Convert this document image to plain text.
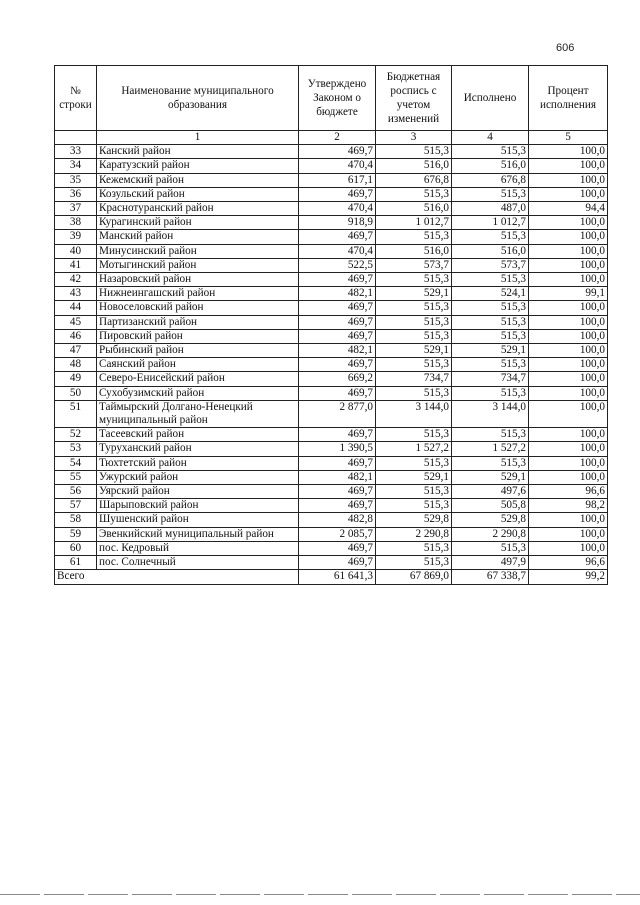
606
№ строки	Наименование муниципального образования	Утверждено Законом о бюджете	Бюджетная роспись с учетом изменений	Исполнено	Процент исполнения
	1	2	3	4	5
33	Канский район	469,7	515,3	515,3	100,0
34	Каратузский район	470,4	516,0	516,0	100,0
35	Кежемский район	617,1	676,8	676,8	100,0
36	Козульский район	469,7	515,3	515,3	100,0
37	Краснотуранский район	470,4	516,0	487,0	94,4
38	Курагинский район	918,9	1 012,7	1 012,7	100,0
39	Манский район	469,7	515,3	515,3	100,0
40	Минусинский район	470,4	516,0	516,0	100,0
41	Мотыгинский район	522,5	573,7	573,7	100,0
42	Назаровский район	469,7	515,3	515,3	100,0
43	Нижнеингашский район	482,1	529,1	524,1	99,1
44	Новоселовский район	469,7	515,3	515,3	100,0
45	Партизанский район	469,7	515,3	515,3	100,0
46	Пировский район	469,7	515,3	515,3	100,0
47	Рыбинский район	482,1	529,1	529,1	100,0
48	Саянский район	469,7	515,3	515,3	100,0
49	Северо-Енисейский район	669,2	734,7	734,7	100,0
50	Сухобузимский район	469,7	515,3	515,3	100,0
51	Таймырский Долгано-Ненецкий муниципальный район	2 877,0	3 144,0	3 144,0	100,0
52	Тасеевский район	469,7	515,3	515,3	100,0
53	Туруханский район	1 390,5	1 527,2	1 527,2	100,0
54	Тюхтетский район	469,7	515,3	515,3	100,0
55	Ужурский район	482,1	529,1	529,1	100,0
56	Уярский район	469,7	515,3	497,6	96,6
57	Шарыповский район	469,7	515,3	505,8	98,2
58	Шушенский район	482,8	529,8	529,8	100,0
59	Эвенкийский муниципальный район	2 085,7	2 290,8	2 290,8	100,0
60	пос. Кедровый	469,7	515,3	515,3	100,0
61	пос. Солнечный	469,7	515,3	497,9	96,6
Всего		61 641,3	67 869,0	67 338,7	99,2
